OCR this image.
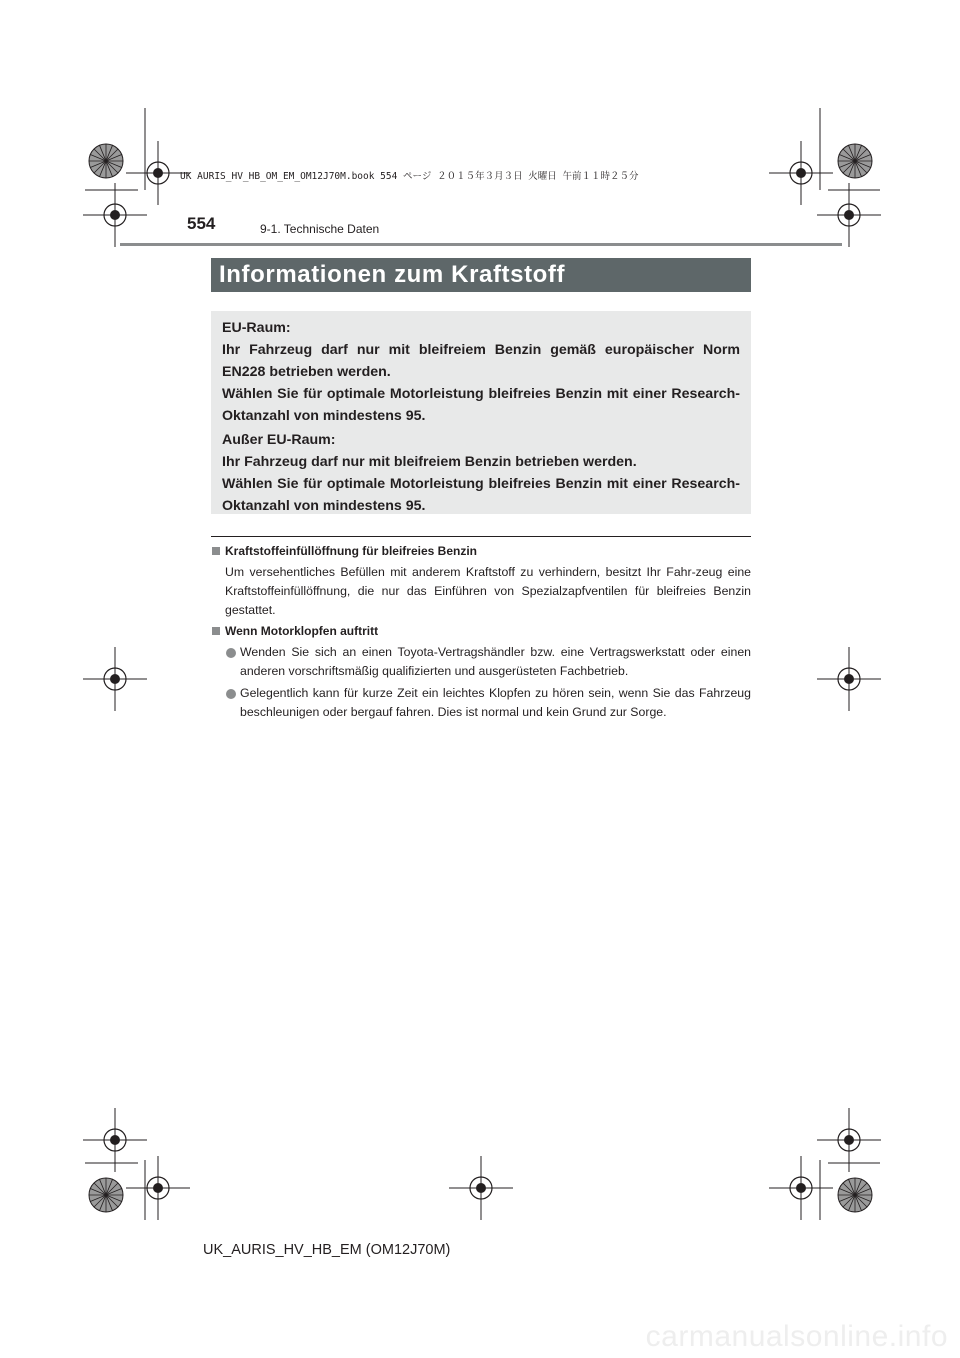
UK AURIS_HV_HB_OM_EM_OM12J70M.book 554 ページ ２０１５年３月３日 火曜日 午前１１時２５分
554	9-1. Technische Daten
Informationen zum Kraftstoff

EU-Raum:

Ihr Fahrzeug darf nur mit bleifreiem Benzin gemäß europäischer Norm EN228 betrieben werden.

Wählen Sie für optimale Motorleistung bleifreies Benzin mit einer Research-Oktanzahl von mindestens 95.

Außer EU-Raum:

Ihr Fahrzeug darf nur mit bleifreiem Benzin betrieben werden.

Wählen Sie für optimale Motorleistung bleifreies Benzin mit einer Research-Oktanzahl von mindestens 95.

Kraftstoffeinfüllöffnung für bleifreies Benzin

Um versehentliches Befüllen mit anderem Kraftstoff zu verhindern, besitzt Ihr Fahr-zeug eine Kraftstoffeinfüllöffnung, die nur das Einführen von Spezialzapfventilen für bleifreies Benzin gestattet.

Wenn Motorklopfen auftritt

Wenden Sie sich an einen Toyota-Vertragshändler bzw. eine Vertragswerkstatt oder einen anderen vorschriftsmäßig qualifizierten und ausgerüsteten Fachbetrieb.

Gelegentlich kann für kurze Zeit ein leichtes Klopfen zu hören sein, wenn Sie das Fahrzeug beschleunigen oder bergauf fahren. Dies ist normal und kein Grund zur Sorge.

UK_AURIS_HV_HB_EM (OM12J70M)
carmanualsonline.info
